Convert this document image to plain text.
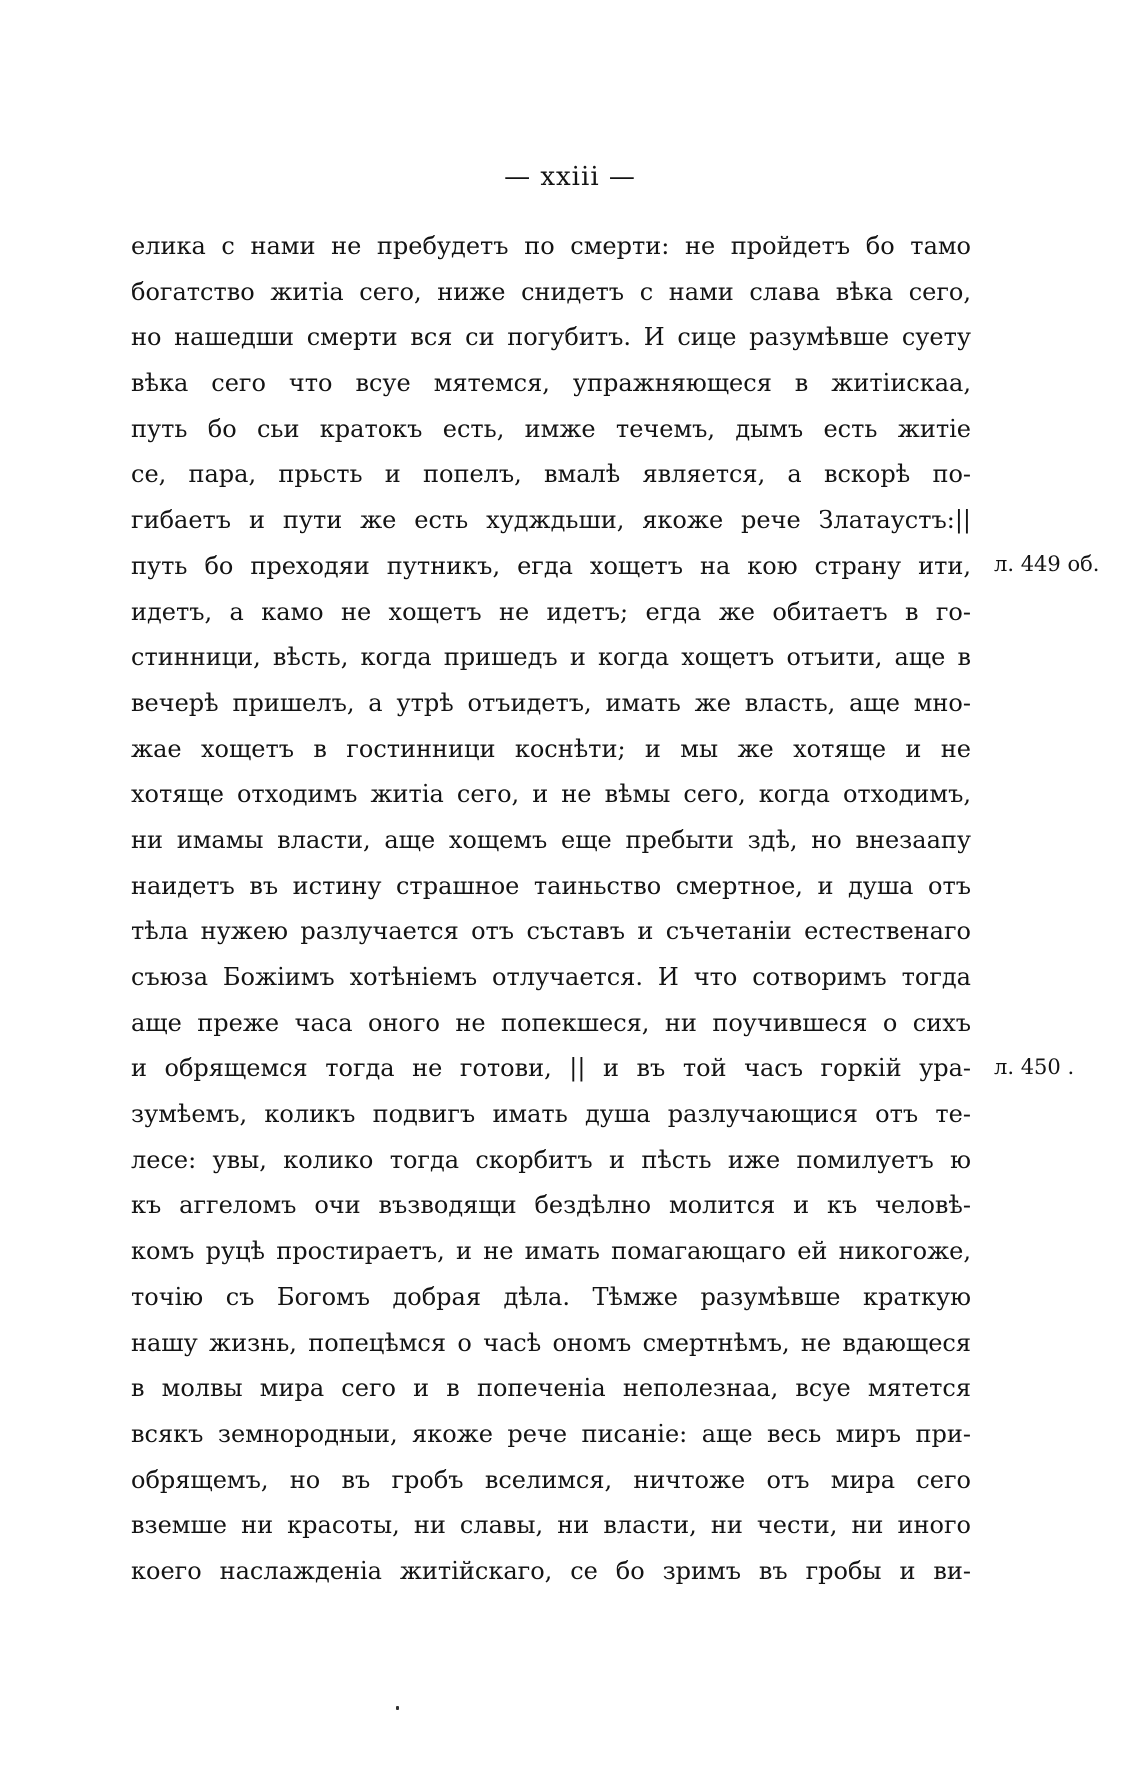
— xxiii —
елика с нами не пребудетъ по смерти: не пройдетъ бо тамо
богатство житiа сего, ниже снидетъ с нами слава вѣка сего,
но нашедши смерти вся си погубитъ. И сице разумѣвше суету
вѣка сего что всуе мятемся, упражняющеся в житiискаа,
путь бо сьи кратокъ есть, имже течемъ, дымъ есть житiе
се, пара, прьсть и попелъ, вмалѣ является, а вскорѣ по-
гибаетъ и пути же есть худждьши, якоже рече Златаустъ:||
путь бо преходяи путникъ, егда хощетъ на кою страну ити,
идетъ, а камо не хощетъ не идетъ; егда же обитаетъ в го-
стинници, вѣсть, когда пришедъ и когда хощетъ отъити, аще в
вечерѣ пришелъ, а утрѣ отъидетъ, имать же власть, аще мно-
жае хощетъ в гостинници коснѣти; и мы же хотяще и не
хотяще отходимъ житiа сего, и не вѣмы сего, когда отходимъ,
ни имамы власти, аще хощемъ еще пребыти здѣ, но внезаапу
наидетъ въ истину страшное таиньство смертное, и душа отъ
тѣла нужею разлучается отъ съставъ и съчетанiи естественаго
съюза Божiимъ хотѣнiемъ отлучается. И что сотворимъ тогда
аще преже часа оного не попекшеся, ни поучившеся о сихъ
и обрящемся тогда не готови, || и въ той часъ горкiй ура-
зумѣемъ, коликъ подвигъ имать душа разлучающися отъ те-
лесе: увы, колико тогда скорбитъ и пѣсть иже помилуетъ ю
къ аггеломъ очи възводящи бездѣлно молится и къ человѣ-
комъ руцѣ простираетъ, и не имать помагающаго ей никогоже,
точiю съ Богомъ добрая дѣла. Тѣмже разумѣвше краткую
нашу жизнь, попецѣмся о часѣ ономъ смертнѣмъ, не вдающеся
в молвы мира сего и в попеченiа неполезнаа, всуе мятется
всякъ земнородныи, якоже рече писанiе: аще весь миръ при-
обрящемъ, но въ гробъ вселимся, ничтоже отъ мира сего
вземше ни красоты, ни славы, ни власти, ни чести, ни иного
коего наслажденiа житiйскаго, се бо зримъ въ гробы и ви-
л. 449 об.
л. 450 .
